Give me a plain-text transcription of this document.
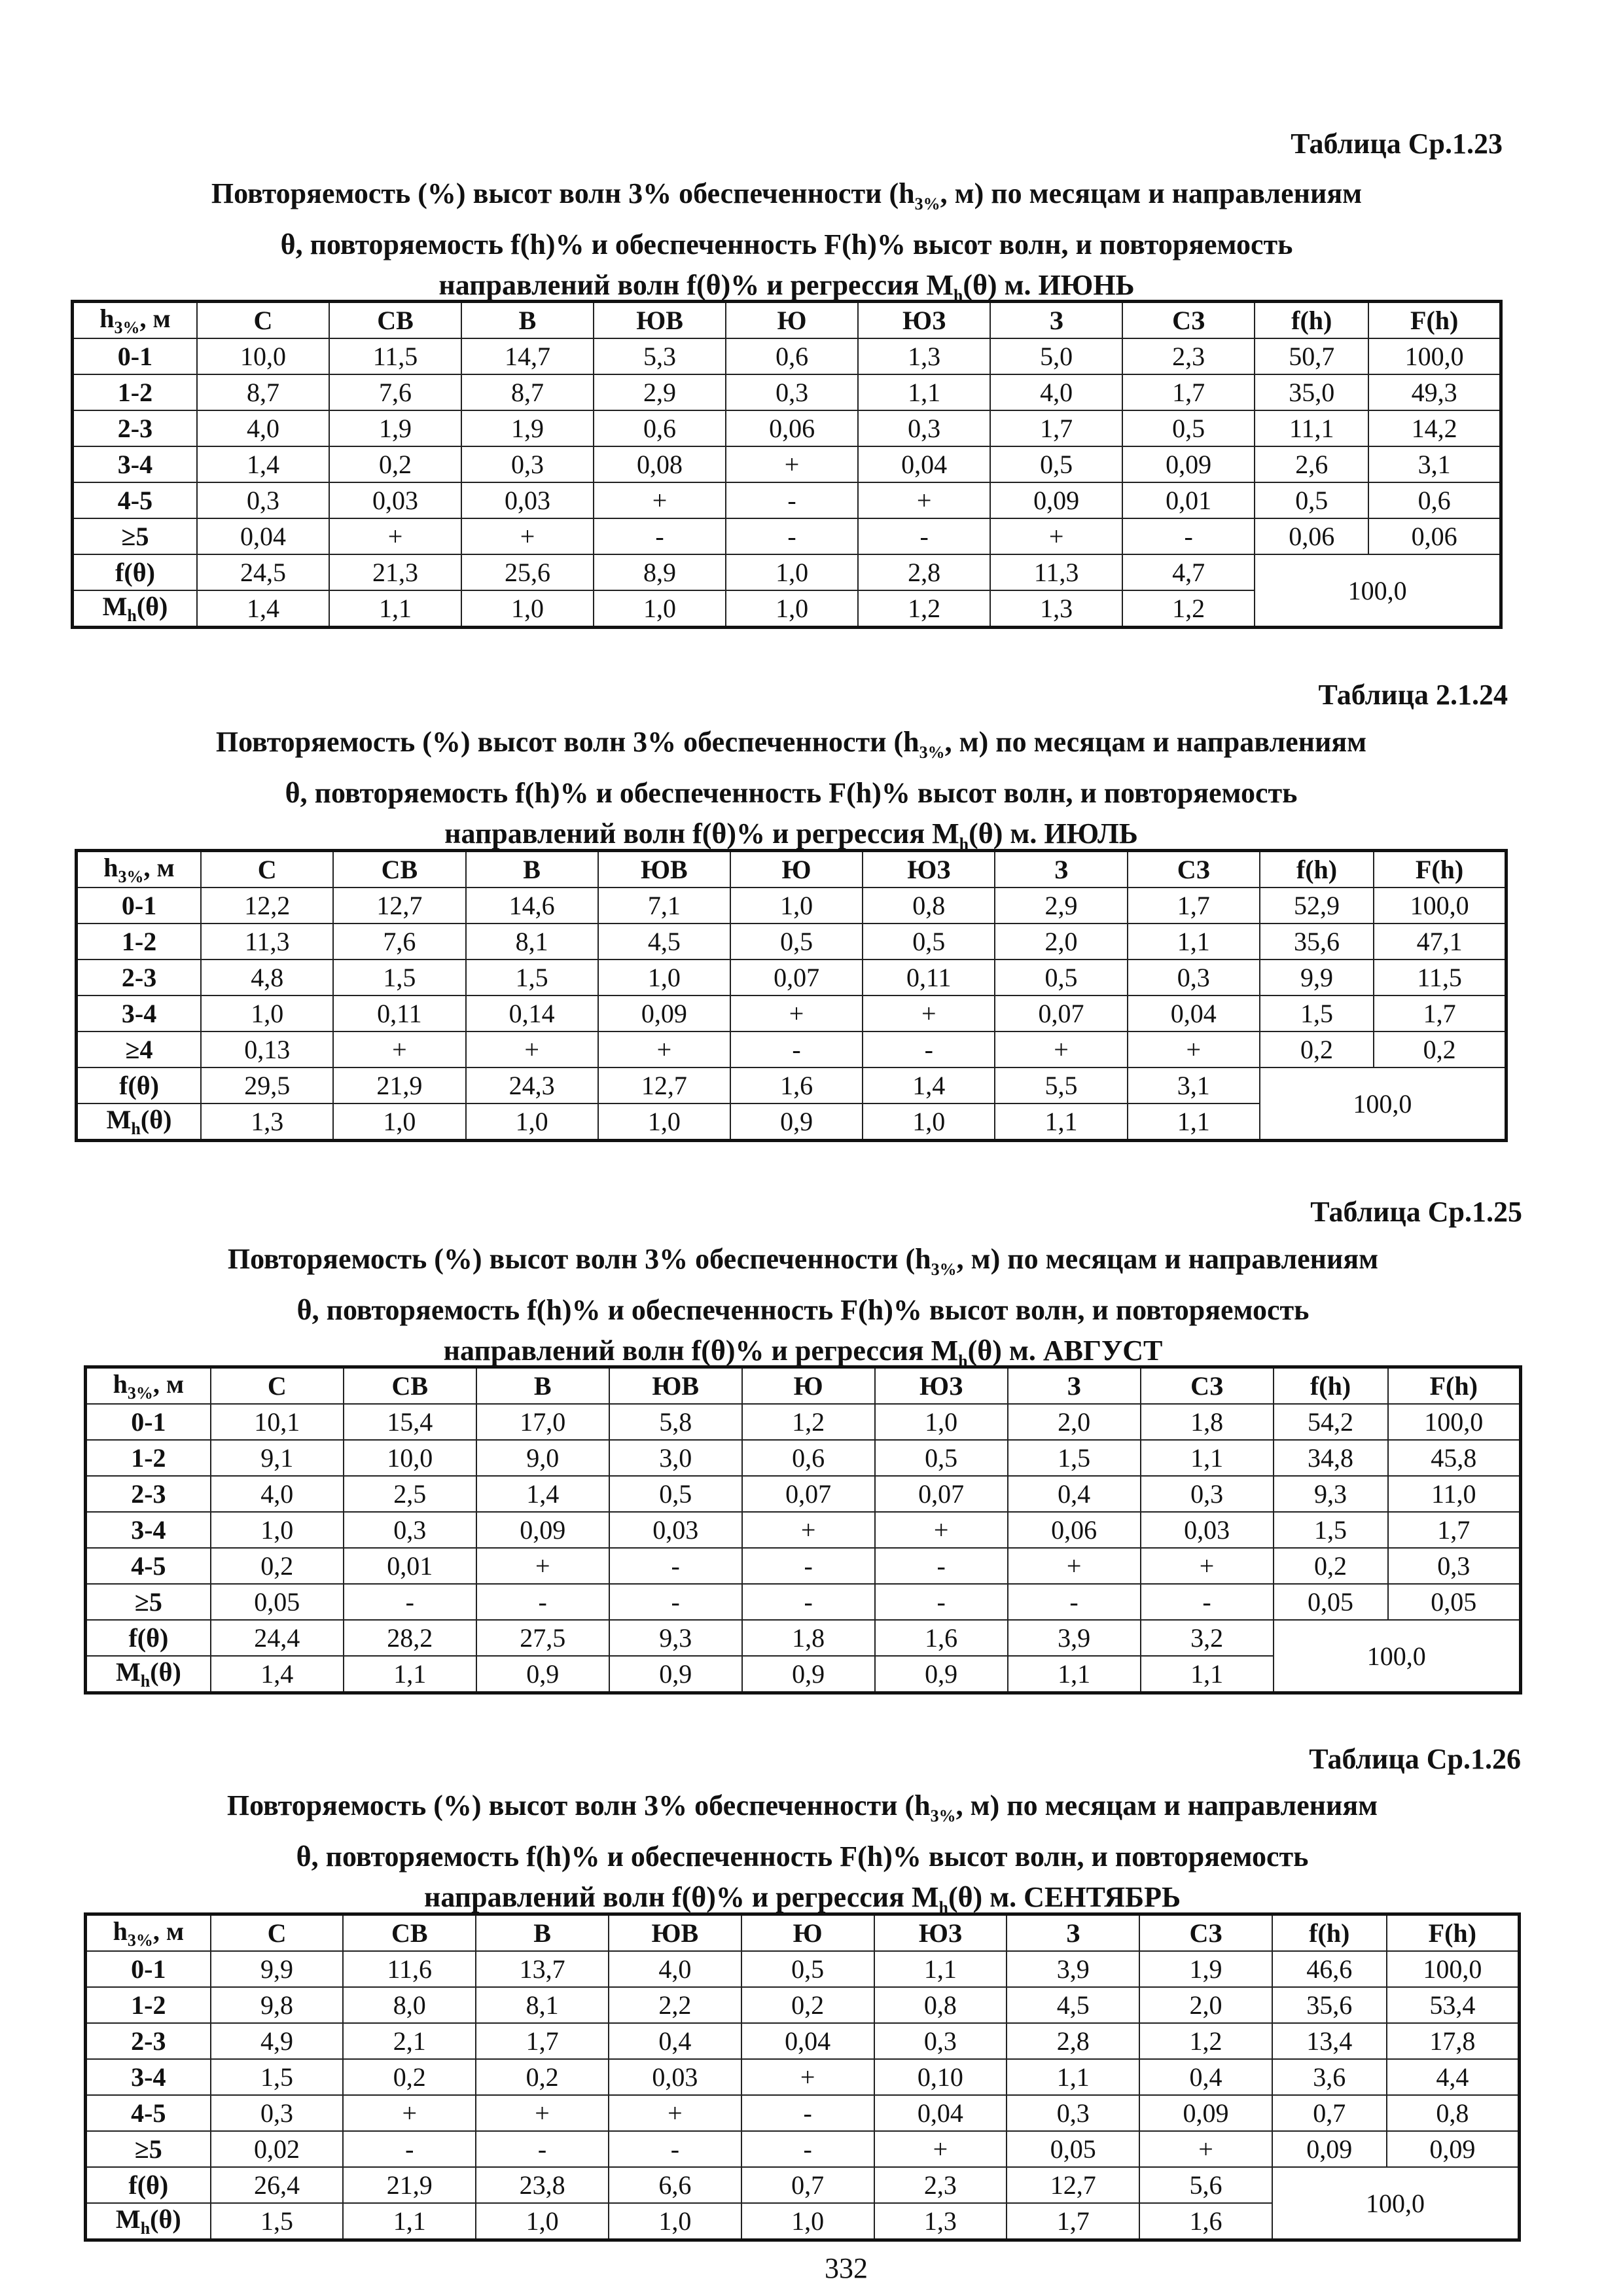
Таблица Ср.1.23
Повторяемость (%) высот волн 3% обеспеченности ($h_{3\%}$, м) по месяцам и направлениям
θ, повторяемость f(h)% и обеспеченность F(h)% высот волн, и повторяемость
направлений волн f(θ)% и регрессия $M_h(\theta)$ м. ИЮНЬ
$h_{3\%}$, м	С	СВ	В	ЮВ	Ю	ЮЗ	З	СЗ	f(h)	F(h)
0-1	10,0	11,5	14,7	5,3	0,6	1,3	5,0	2,3	50,7	100,0
1-2	8,7	7,6	8,7	2,9	0,3	1,1	4,0	1,7	35,0	49,3
2-3	4,0	1,9	1,9	0,6	0,06	0,3	1,7	0,5	11,1	14,2
3-4	1,4	0,2	0,3	0,08	+	0,04	0,5	0,09	2,6	3,1
4-5	0,3	0,03	0,03	+	-	+	0,09	0,01	0,5	0,6
≥5	0,04	+	+	-	-	-	+	-	0,06	0,06
f(θ)	24,5	21,3	25,6	8,9	1,0	2,8	11,3	4,7	100,0	
$M_h(\theta)$	1,4	1,1	1,0	1,0	1,0	1,2	1,3	1,2		
Таблица 2.1.24
Повторяемость (%) высот волн 3% обеспеченности ($h_{3\%}$, м) по месяцам и направлениям
θ, повторяемость f(h)% и обеспеченность F(h)% высот волн, и повторяемость
направлений волн f(θ)% и регрессия $M_h(\theta)$ м. ИЮЛЬ
$h_{3\%}$, м	С	СВ	В	ЮВ	Ю	ЮЗ	З	СЗ	f(h)	F(h)
0-1	12,2	12,7	14,6	7,1	1,0	0,8	2,9	1,7	52,9	100,0
1-2	11,3	7,6	8,1	4,5	0,5	0,5	2,0	1,1	35,6	47,1
2-3	4,8	1,5	1,5	1,0	0,07	0,11	0,5	0,3	9,9	11,5
3-4	1,0	0,11	0,14	0,09	+	+	0,07	0,04	1,5	1,7
≥4	0,13	+	+	+	-	-	+	+	0,2	0,2
f(θ)	29,5	21,9	24,3	12,7	1,6	1,4	5,5	3,1	100,0	
$M_h(\theta)$	1,3	1,0	1,0	1,0	0,9	1,0	1,1	1,1		
Таблица Ср.1.25
Повторяемость (%) высот волн 3% обеспеченности ($h_{3\%}$, м) по месяцам и направлениям
θ, повторяемость f(h)% и обеспеченность F(h)% высот волн, и повторяемость
направлений волн f(θ)% и регрессия $M_h(\theta)$ м. АВГУСТ
$h_{3\%}$, м	С	СВ	В	ЮВ	Ю	ЮЗ	З	СЗ	f(h)	F(h)
0-1	10,1	15,4	17,0	5,8	1,2	1,0	2,0	1,8	54,2	100,0
1-2	9,1	10,0	9,0	3,0	0,6	0,5	1,5	1,1	34,8	45,8
2-3	4,0	2,5	1,4	0,5	0,07	0,07	0,4	0,3	9,3	11,0
3-4	1,0	0,3	0,09	0,03	+	+	0,06	0,03	1,5	1,7
4-5	0,2	0,01	+	-	-	-	+	+	0,2	0,3
≥5	0,05	-	-	-	-	-	-	-	0,05	0,05
f(θ)	24,4	28,2	27,5	9,3	1,8	1,6	3,9	3,2	100,0	
$M_h(\theta)$	1,4	1,1	0,9	0,9	0,9	0,9	1,1	1,1		
Таблица Ср.1.26
Повторяемость (%) высот волн 3% обеспеченности ($h_{3\%}$, м) по месяцам и направлениям
θ, повторяемость f(h)% и обеспеченность F(h)% высот волн, и повторяемость
направлений волн f(θ)% и регрессия $M_h(\theta)$ м. СЕНТЯБРЬ
$h_{3\%}$, м	С	СВ	В	ЮВ	Ю	ЮЗ	З	СЗ	f(h)	F(h)
0-1	9,9	11,6	13,7	4,0	0,5	1,1	3,9	1,9	46,6	100,0
1-2	9,8	8,0	8,1	2,2	0,2	0,8	4,5	2,0	35,6	53,4
2-3	4,9	2,1	1,7	0,4	0,04	0,3	2,8	1,2	13,4	17,8
3-4	1,5	0,2	0,2	0,03	+	0,10	1,1	0,4	3,6	4,4
4-5	0,3	+	+	+	-	0,04	0,3	0,09	0,7	0,8
≥5	0,02	-	-	-	-	+	0,05	+	0,09	0,09
f(θ)	26,4	21,9	23,8	6,6	0,7	2,3	12,7	5,6	100,0	
$M_h(\theta)$	1,5	1,1	1,0	1,0	1,0	1,3	1,7	1,6		
332
